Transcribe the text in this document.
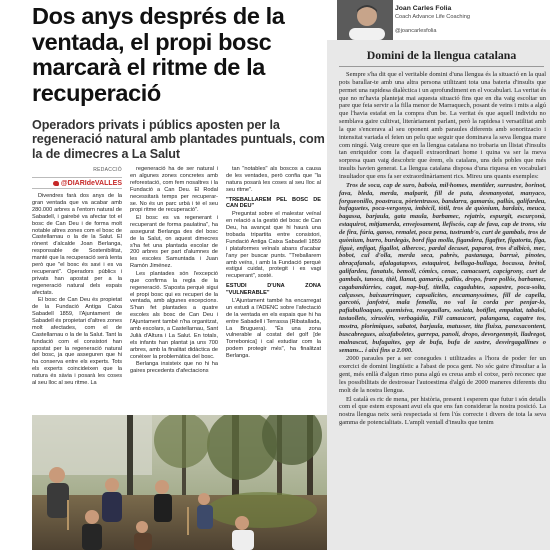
Dos anys després de la ventada, el propi bosc marcarà el ritme de la recuperació
Operadors privats i públics aposten per la regeneració natural amb plantades puntuals, com la de dimecres a La Salut
REDACCIÓ
@DIARIdeVALLES

Divendres farà dos anys de la gran ventada que va acabar amb 280.000 arbres a l'entorn natural de Sabadell, i gairebé va afectar tot el bosc de Can Deu i de forma molt notable altres zones com el bosc de Castellarnau o la de la Salut. El rònent d'alcalde Joan Berlanga, responsable de Sostenibilitat, manté que la recuperació serà lenta però que "el bosc és savi i es va recuperant". Operadors públics i privats han apostat per a la regeneració natural dels espais afectats.

El bosc de Can Deu és propietat de la Fundació Antiga Caixa Sabadell 1859, l'Ajuntament de Sabadell és propietari d'altres zones molt afectades, com el de Castellarnau o la de la Salut. Tant la fundació com el consistori han apostat per la regeneració natural del bosc, ja que asseguren que hi ha conserva entre els experts. Tots els experts coincideixen que la natura és sàvia i posarà les coses al seu lloc al seu ritme. La

regeneració ha de ser natural i en algunes zones concretes amb reforestació, com fem nosaltres i la Fundació a Can Deu. El Rodal necessitarà temps per recuperar-se. No és un parc urbà i té el seu propi ritme de recuperació".

El bosc es va regenerant i recuperant de forma paulatina", ha assegurat Berlanga des del bosc de la Salut, on aquest dimecres s'ha fet una plantada escolar de 200 arbres per part d'alumnes de les escoles Samuntada i Juan Ramón Jiménez.

Les plantades són l'excepció que confirma la regla de la regeneració. S'aposta perquè sigui el propi bosc qui es recuperi de la ventada, amb algunes excepcions. S'han fet plantades a quatre escoles als bosc de Can Deu i l'Ajuntament també n'ha organitzat, amb escolars, a Castellarnau, Sant Julià d'Altura i La Salut. En totals, els infants han plantat ja uns 700 arbres, amb la finalitat didàctica de conèixer la problemàtica del bosc.

Berlanga insisteix que no hi ha gaires precedents d'afectacions

tan "notables" als boscos a causa de les ventades, però confia que "la natura posarà les coses al seu lloc al seu ritme".

"TREBALLAREM PEL BOSC DE CAN DEU"

Preguntat sobre el malestar veïnal en relació a la gestió del bosc de Can Deu, ha avançat que hi haurà una trobada tripartita entre consistori, Fundació Antiga Caixa Sabadell 1859 i plataformes veïnals abans d'acabar l'any per buscar punts. "Treballarem amb veïns, i amb la Fundació perquè estigui cuidat, protegit i es vagi recuperant", sosté.

ESTUDI D'UNA ZONA "VULNERABLE"

L'Ajuntament també ha encarregat un estudi a l'ADENC sobre l'afectació de la ventada en els espais que hi ha entre Sabadell i Terrassa (Ribatallada, La Bruguera). "És una zona vulnerable al costat del golf [de Torrebonica] i cal estudiar com la podem protegir més", ha finalitzat Berlanga.

Joan Carles Folia
Coach Advance Life Coaching
@joancarlesfolia
Domini de la llengua catalana

Sempre s'ha dit que el veritable domini d'una llengua és la situació en la qual pots barallar-te amb una altra persona utilitzant tota una bateria d'insults que permet una rapidesa dialèctica i un aprofundiment en el vocabulari. La veritat és que no m'havia plantejat mai aquesta situació fins que en dia vaig escoltar un pare que feia servir a la filla menor de Marraquech, posant de veins i mits a algú que l'havia estafat en la compra d'un be. La veritat és que aquell individu no semblava gaire cultivat, literàriament parlant, però la rapidesa i versatilitat amb la que s'encerava al seu oponent amb paraules diferents amb sonoritzacio i intensitat variada el feien un pelu que seguir que dominava la seva llengua mare com ningú. Vaig creure que en la llengua catalana no trobaria un llistat d'insults tan enriquidor com la d'aquell extraordinari home i quina va ser la meva sorpresa quan vaig descobrir que èrem, els catalans, uns dels pobles que més insults havien generat. La llengua catalana disposa d'una riquesa en vocabulari insultador que ens fa ser extraordinàriament rics. Mireu uns quants exemples:

Tros de soca, cap de suro, baboia, mil·homes, mentider, surrastre, borinot, fava, bleda, merda, malparit, fill de puta, desmanyotat, manyaco, forgueonillo, poastruca, pòrtentrasso, bandarra, gamarús, pallús, galifardeu, bufaguetes, poca-vergonya, imbècil, tòtil, tros de quònium, bardaix, meuca, bagassa, barjaula, gata maula, barbamec, rejatrix, espurgit, escurçonà, estaquirot, mitjamerda, envejosament, llefiscós, cap de fava, cap de trons, viu de fira, fúria, ganso, remalet, poca pena, tustrumb'o, curt de gambals, tros de quònium, burro, burdegàs, bord figa molla, figandera, figafter, figatorta, figa, figuè, enfigat, figallot, albercoc, pardal decuset, paparot, tros d'albicò, mec, bobot, cul d'olla, merda seca, pabrès, pastanaga, barruè, pinotes, abraçafanals, afalagatapves, estaquirot, belluga-bullaga, bocassa, brètol, galifardeu, fanatuls, bemoll, cómics, cenac, camacuert, capcigrony, curt de gambals, tanoca, titèl, llanut, gamarús, pallús, dropo, frare pollós, barbamec, cagabandúrries, cagat, nap-buf, titella, cagadubtes, sapastre, poca-solta, calçasses, baixaurrinquer, capsalicites, encamanyssimes, fill de capella, garcotó, janfotré, mala femella, no val la corda per penjar-lo, pafiabulloaques, quemisiva, rosegaullars, sociata, botiflet, empaltat, tabaloi, tastaollets, xiruolén, verbagàdia, Fill camaucort, palangana, cagatre tos, mostra, plorimiques, sabatot, barjaula, matusser, tita fluixa, panexacontent, buscabregues, aixafaboletes, garrepa, panoli, dropo, devorgenmyit, lladregot, malnascut, bufagaites, gep de bufa, bufa de sastre, desvirgagallines o semans... i així fins a 2.000.

2000 paraules per a ser conegudes i utilitzades a l'hora de poder fer un exercici de domini lingüístic a l'abast de poca gent. No sóc gaire d'insultar a la gent, més enllà d'algun rimo puna algú es creua amb el cotxe, però reconec que les possibilitats de destrossar l'autoestima d'algú de 2000 maneres diferents diu molt de la nostra llengua.

El català es ric de mena, per història, present i esperem que futur i són detalls com el que estem exposant avui els que ens fan considerar la nostra posició. La nostra llengua neix serà respectada si fem l'ús correcte i divers de tota la seva gamma de potencialitats. L'ampli ventall d'insults que tenim
